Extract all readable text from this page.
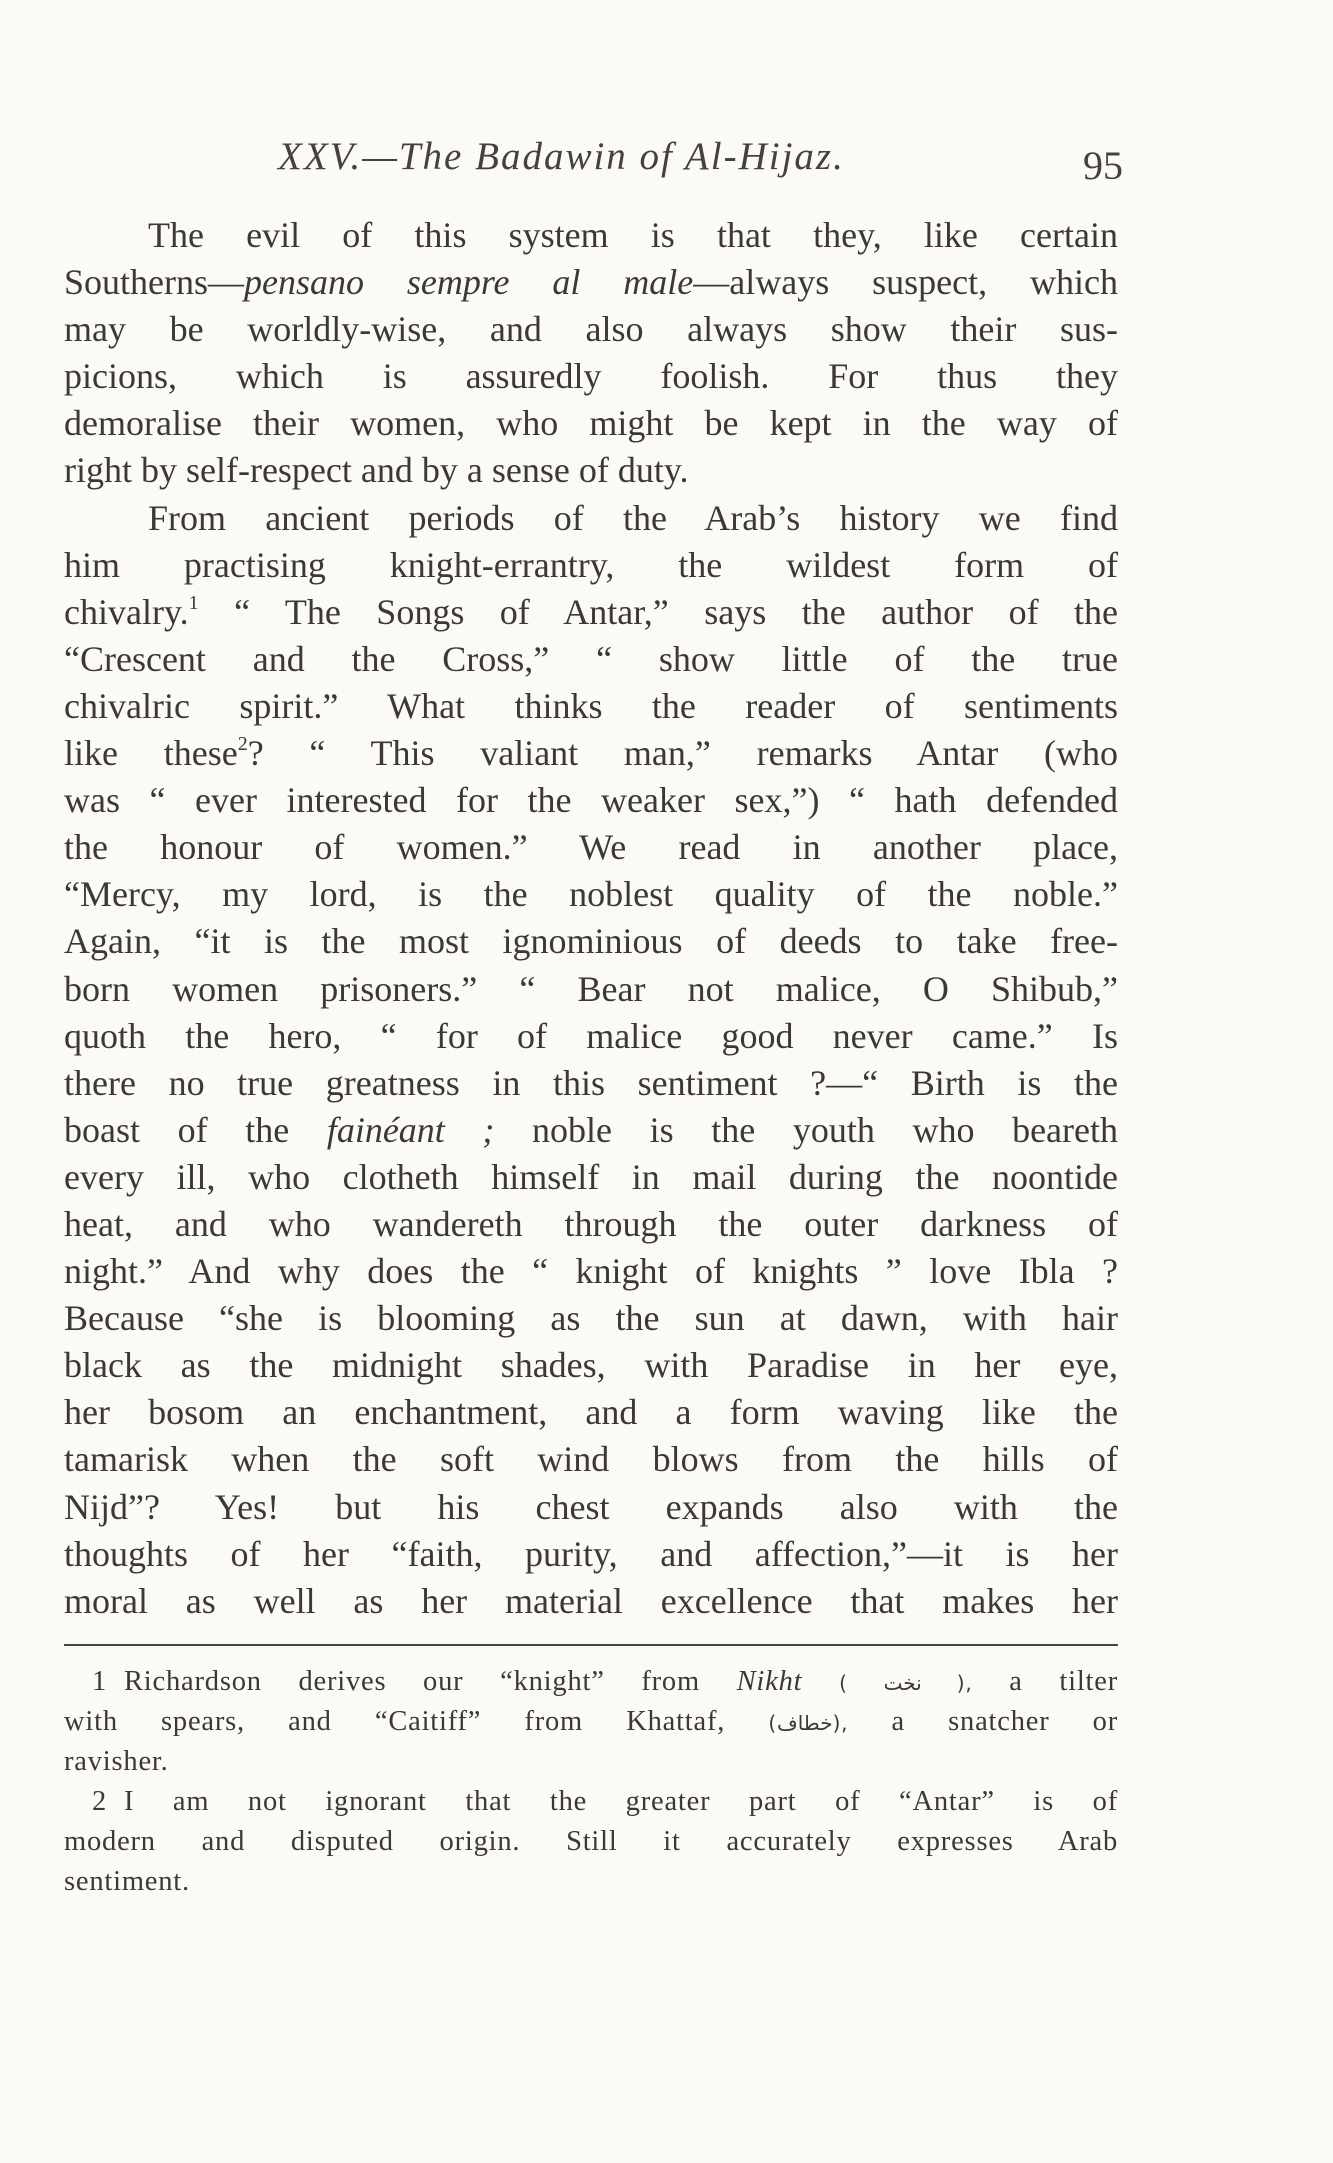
XXV.—The Badawin of Al-Hijaz.	95
The evil of this system is that they, like certain
Southerns—pensano sempre al male—always suspect, which
may be worldly-wise, and also always show their sus-
picions, which is assuredly foolish. For thus they
demoralise their women, who might be kept in the way of
right by self-respect and by a sense of duty.
From ancient periods of the Arab’s history we find
him practising knight-errantry, the wildest form of
chivalry.$^1$ “ The Songs of Antar,” says the author of the
“Crescent and the Cross,” “ show little of the true
chivalric spirit.” What thinks the reader of sentiments
like these$^2$? “ This valiant man,” remarks Antar (who
was “ ever interested for the weaker sex,”) “ hath defended
the honour of women.” We read in another place,
“Mercy, my lord, is the noblest quality of the noble.”
Again, “it is the most ignominious of deeds to take free-
born women prisoners.” “ Bear not malice, O Shibub,”
quoth the hero, “ for of malice good never came.” Is
there no true greatness in this sentiment ?—“ Birth is the
boast of the fainéant ; noble is the youth who beareth
every ill, who clotheth himself in mail during the noontide
heat, and who wandereth through the outer darkness of
night.” And why does the “ knight of knights ” love Ibla ?
Because “she is blooming as the sun at dawn, with hair
black as the midnight shades, with Paradise in her eye,
her bosom an enchantment, and a form waving like the
tamarisk when the soft wind blows from the hills of
Nijd”? Yes! but his chest expands also with the
thoughts of her “faith, purity, and affection,”—it is her
moral as well as her material excellence that makes her
1 Richardson derives our “knight” from Nikht ( نخت ), a tilter
with spears, and “Caitiff” from Khattaf, (خطاف), a snatcher or
ravisher.
2 I am not ignorant that the greater part of “Antar” is of
modern and disputed origin. Still it accurately expresses Arab
sentiment.
